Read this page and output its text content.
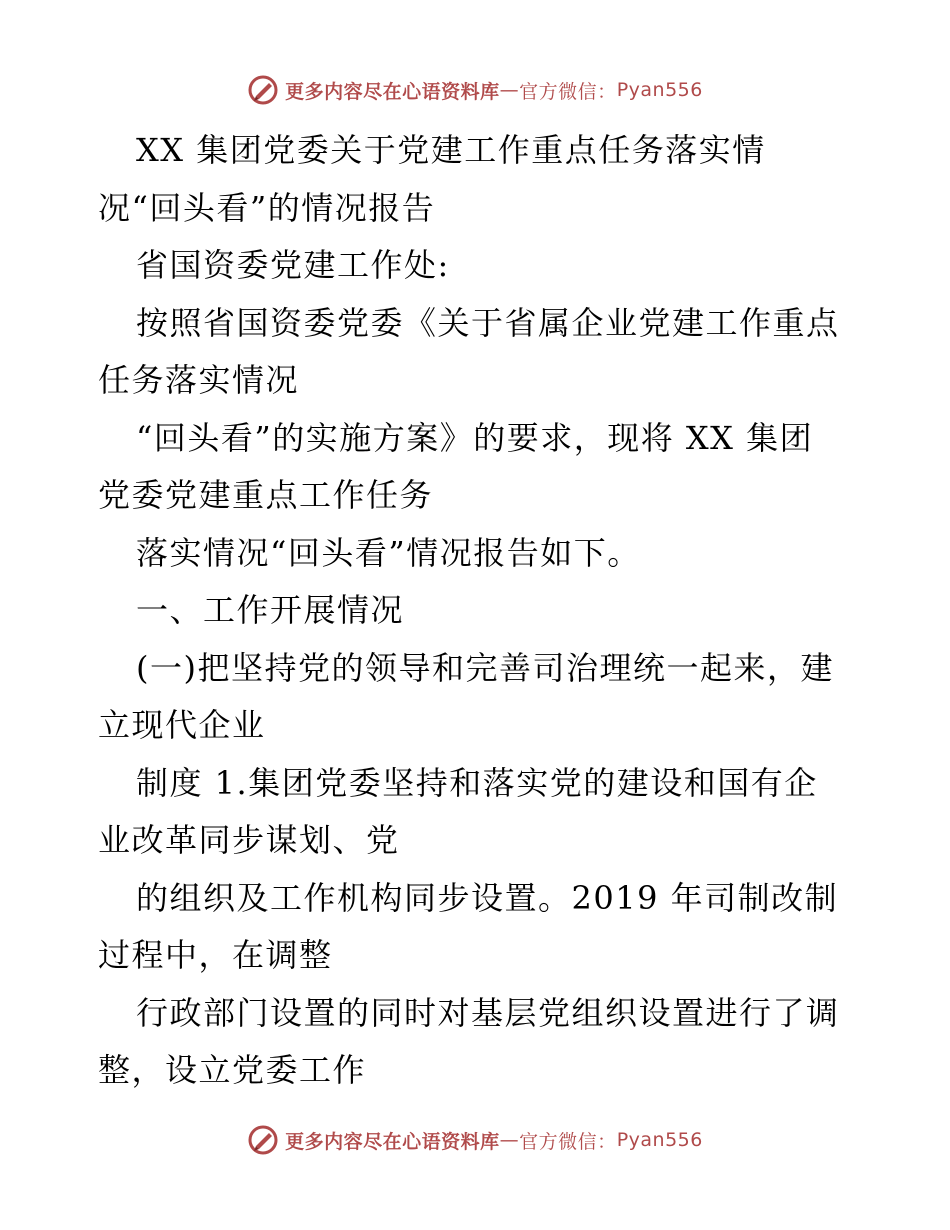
更多内容尽在心语资料库 — 官方微信： Pyan556

XX 集团党委关于党建工作重点任务落实情

况“回头看”的情况报告

省国资委党建工作处:

按照省国资委党委《关于省属企业党建工作重点

任务落实情况

“回头看”的实施方案》的要求，现将 XX 集团

党委党建重点工作任务

落实情况“回头看”情况报告如下。

一、工作开展情况

(一)把坚持党的领导和完善司治理统一起来，建

立现代企业

制度 1.集团党委坚持和落实党的建设和国有企

业改革同步谋划、党

的组织及工作机构同步设置。2019 年司制改制

过程中，在调整

行政部门设置的同时对基层党组织设置进行了调

整，设立党委工作

更多内容尽在心语资料库 — 官方微信： Pyan556
